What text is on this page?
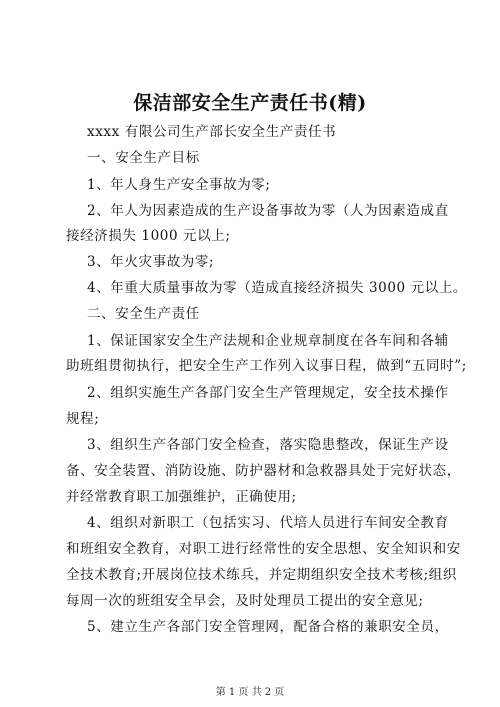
保洁部安全生产责任书(精)
xxxx 有限公司生产部长安全生产责任书
一、安全生产目标
1、年人身生产安全事故为零;
2、年人为因素造成的生产设备事故为零（人为因素造成直
接经济损失 1000 元以上;
3、年火灾事故为零;
4、年重大质量事故为零（造成直接经济损失 3000 元以上。
二、安全生产责任
1、保证国家安全生产法规和企业规章制度在各车间和各辅
助班组贯彻执行，把安全生产工作列入议事日程，做到“五同时”;
2、组织实施生产各部门安全生产管理规定，安全技术操作
规程;
3、组织生产各部门安全检查，落实隐患整改，保证生产设
备、安全装置、消防设施、防护器材和急救器具处于完好状态，
并经常教育职工加强维护，正确使用;
4、组织对新职工（包括实习、代培人员进行车间安全教育
和班组安全教育，对职工进行经常性的安全思想、安全知识和安
全技术教育;开展岗位技术练兵，并定期组织安全技术考核;组织
每周一次的班组安全早会，及时处理员工提出的安全意见;
5、建立生产各部门安全管理网，配备合格的兼职安全员，
第 1 页 共 2 页
